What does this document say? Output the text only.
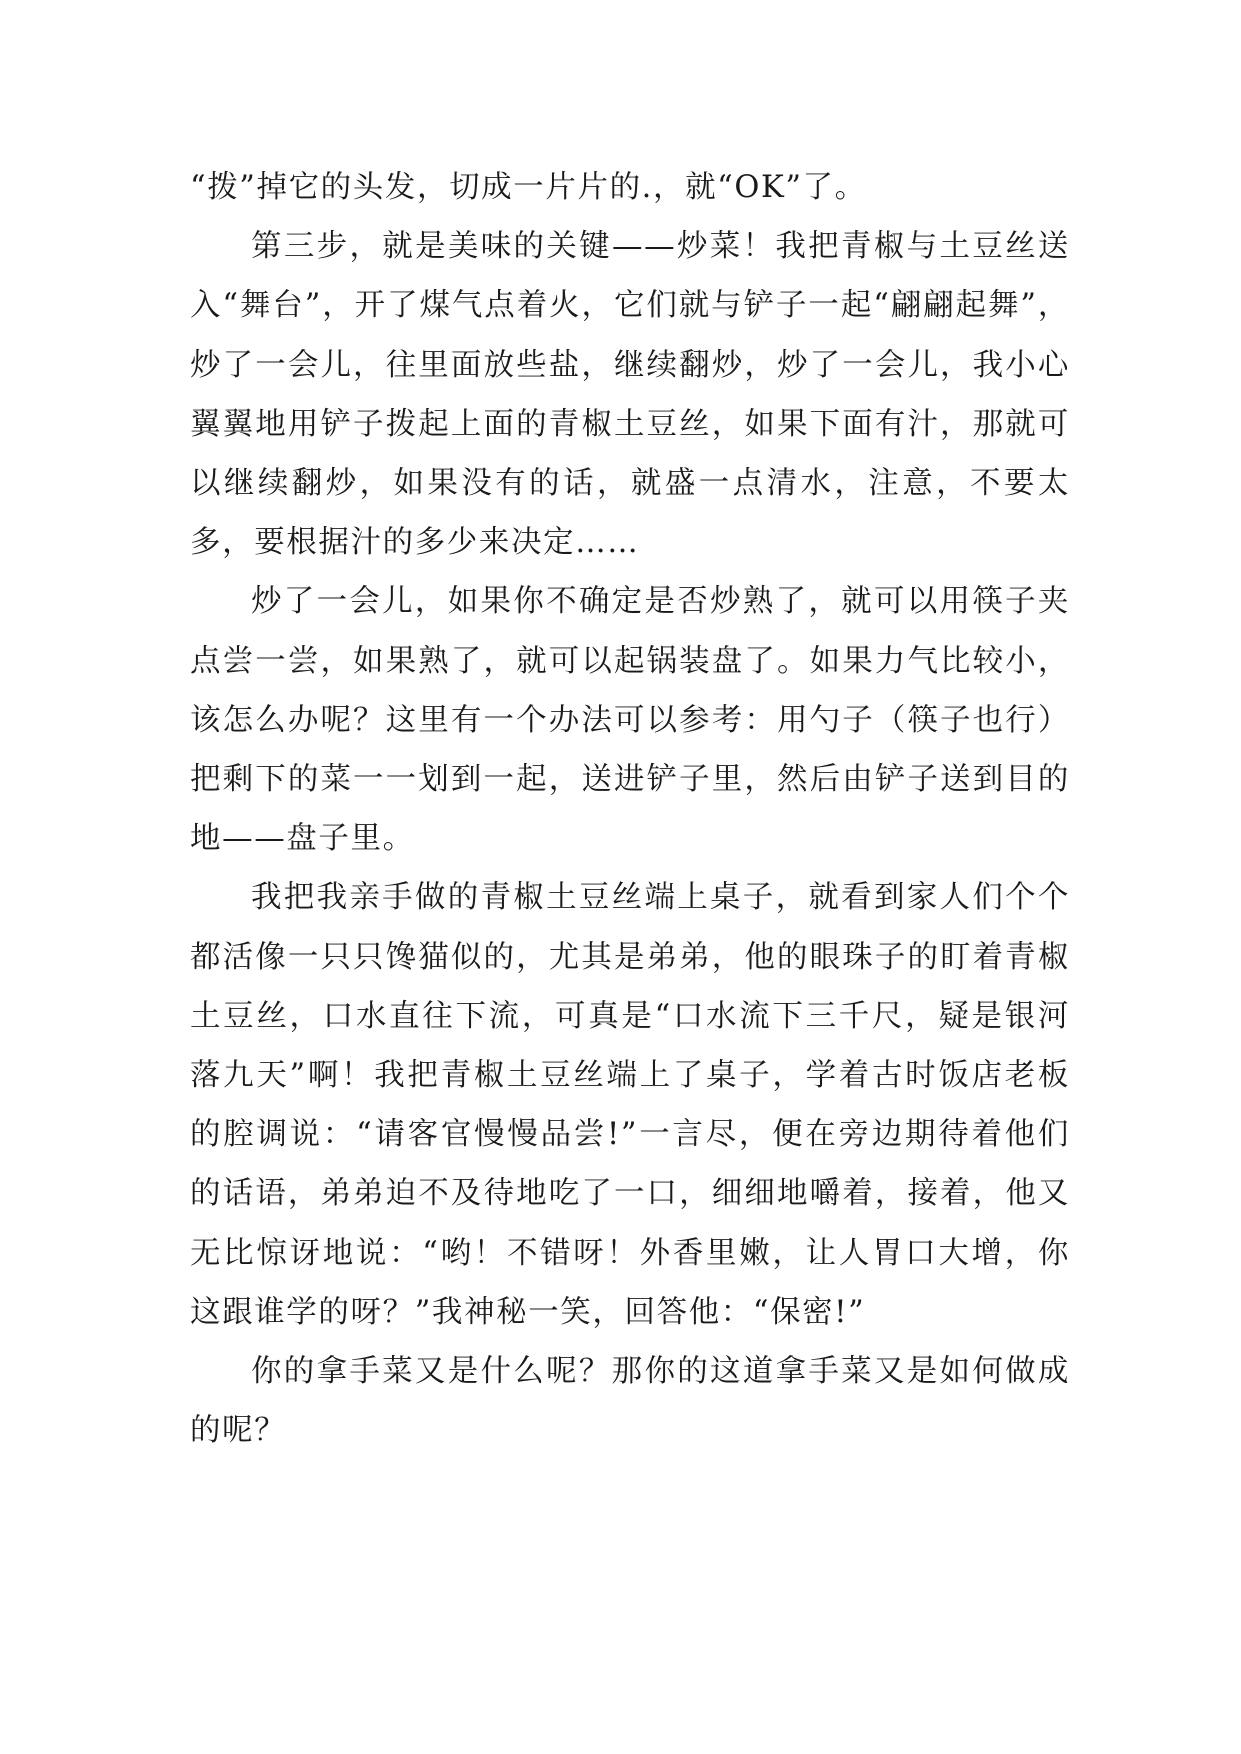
“拨”掉它的头发，切成一片片的.，就“OK”了。

第三步，就是美味的关键——炒菜！我把青椒与土豆丝送入“舞台”，开了煤气点着火，它们就与铲子一起“翩翩起舞”，炒了一会儿，往里面放些盐，继续翻炒，炒了一会儿，我小心翼翼地用铲子拨起上面的青椒土豆丝，如果下面有汁，那就可以继续翻炒，如果没有的话，就盛一点清水，注意，不要太多，要根据汁的多少来决定……

炒了一会儿，如果你不确定是否炒熟了，就可以用筷子夹点尝一尝，如果熟了，就可以起锅装盘了。如果力气比较小，该怎么办呢？这里有一个办法可以参考：用勺子（筷子也行）把剩下的菜一一划到一起，送进铲子里，然后由铲子送到目的地——盘子里。

我把我亲手做的青椒土豆丝端上桌子，就看到家人们个个都活像一只只馋猫似的，尤其是弟弟，他的眼珠子的盯着青椒土豆丝，口水直往下流，可真是“口水流下三千尺，疑是银河落九天”啊！我把青椒土豆丝端上了桌子，学着古时饭店老板的腔调说：“请客官慢慢品尝!”一言尽，便在旁边期待着他们的话语，弟弟迫不及待地吃了一口，细细地嚼着，接着，他又无比惊讶地说：“哟！不错呀！外香里嫩，让人胃口大增，你这跟谁学的呀？”我神秘一笑，回答他：“保密!”

你的拿手菜又是什么呢？那你的这道拿手菜又是如何做成的呢？
